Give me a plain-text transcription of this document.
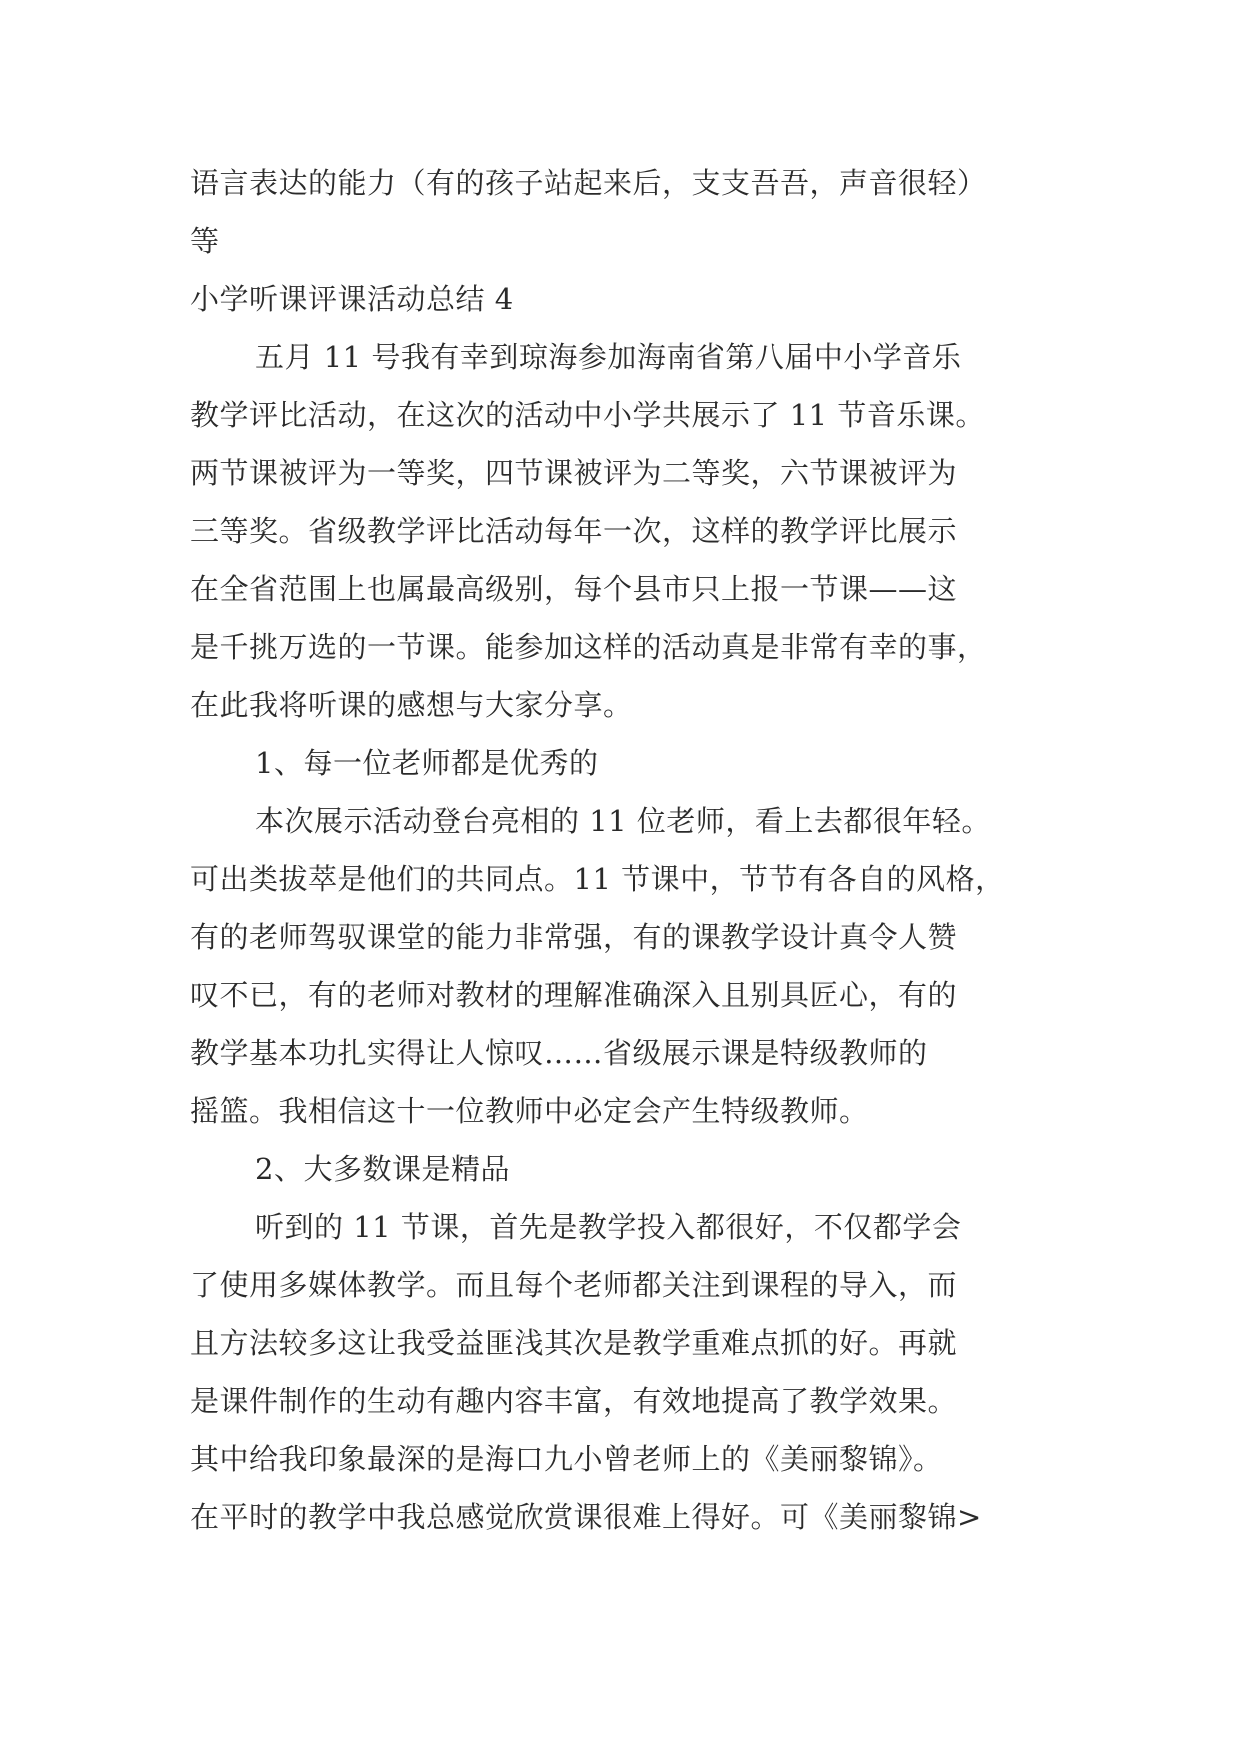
语言表达的能力（有的孩子站起来后，支支吾吾，声音很轻）
等
小学听课评课活动总结 4
五月 11 号我有幸到琼海参加海南省第八届中小学音乐
教学评比活动，在这次的活动中小学共展示了 11 节音乐课。
两节课被评为一等奖，四节课被评为二等奖，六节课被评为
三等奖。省级教学评比活动每年一次，这样的教学评比展示
在全省范围上也属最高级别，每个县市只上报一节课——这
是千挑万选的一节课。能参加这样的活动真是非常有幸的事，
在此我将听课的感想与大家分享。
1、每一位老师都是优秀的
本次展示活动登台亮相的 11 位老师，看上去都很年轻。
可出类拔萃是他们的共同点。11 节课中，节节有各自的风格，
有的老师驾驭课堂的能力非常强，有的课教学设计真令人赞
叹不已，有的老师对教材的理解准确深入且别具匠心，有的
教学基本功扎实得让人惊叹……省级展示课是特级教师的
摇篮。我相信这十一位教师中必定会产生特级教师。
2、大多数课是精品
听到的 11 节课，首先是教学投入都很好，不仅都学会
了使用多媒体教学。而且每个老师都关注到课程的导入，而
且方法较多这让我受益匪浅其次是教学重难点抓的好。再就
是课件制作的生动有趣内容丰富，有效地提高了教学效果。
其中给我印象最深的是海口九小曾老师上的《美丽黎锦》。
在平时的教学中我总感觉欣赏课很难上得好。可《美丽黎锦>
